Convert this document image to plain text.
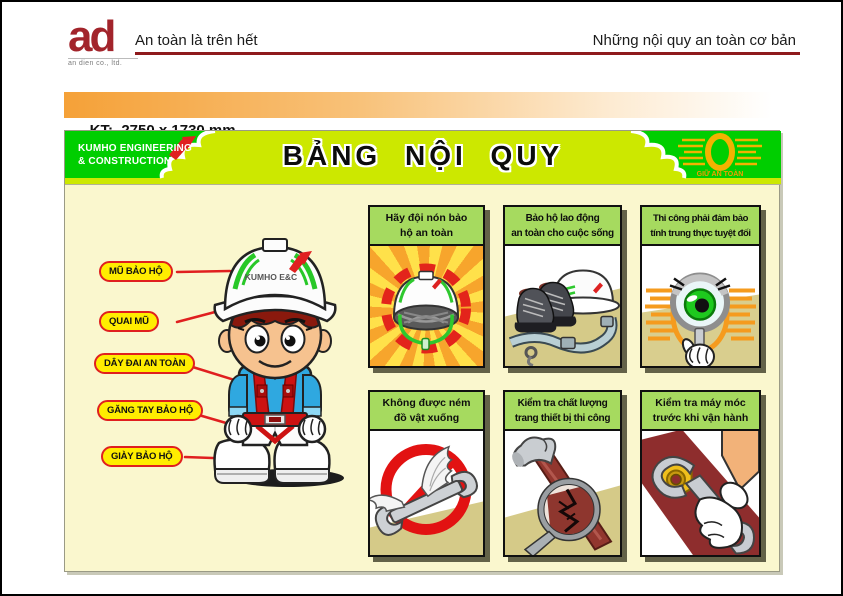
ad
an dien co., ltd.
An toàn là trên hết	Những nội quy an toàn cơ bản

GIỮ AN TOÀN
KUMHO ENGINEERING
& CONSTRUCTION	BẢNG NỘI QUY
KUMHO E&C
MŨ BẢO HỘ
QUAI MŨ
DÂY ĐAI AN TOÀN
GĂNG TAY BẢO HỘ
GIÀY BẢO HỘ
Hãy đội nón bảo
hộ an toàn
Bảo hộ lao động
an toàn cho cuộc sống
Thi công phải đảm bảo
tính trung thực tuyệt đối
Không được ném
đồ vật xuống
Kiểm tra chất lượng
trang thiết bị thi công
Kiểm tra máy móc
trước khi vận hành
